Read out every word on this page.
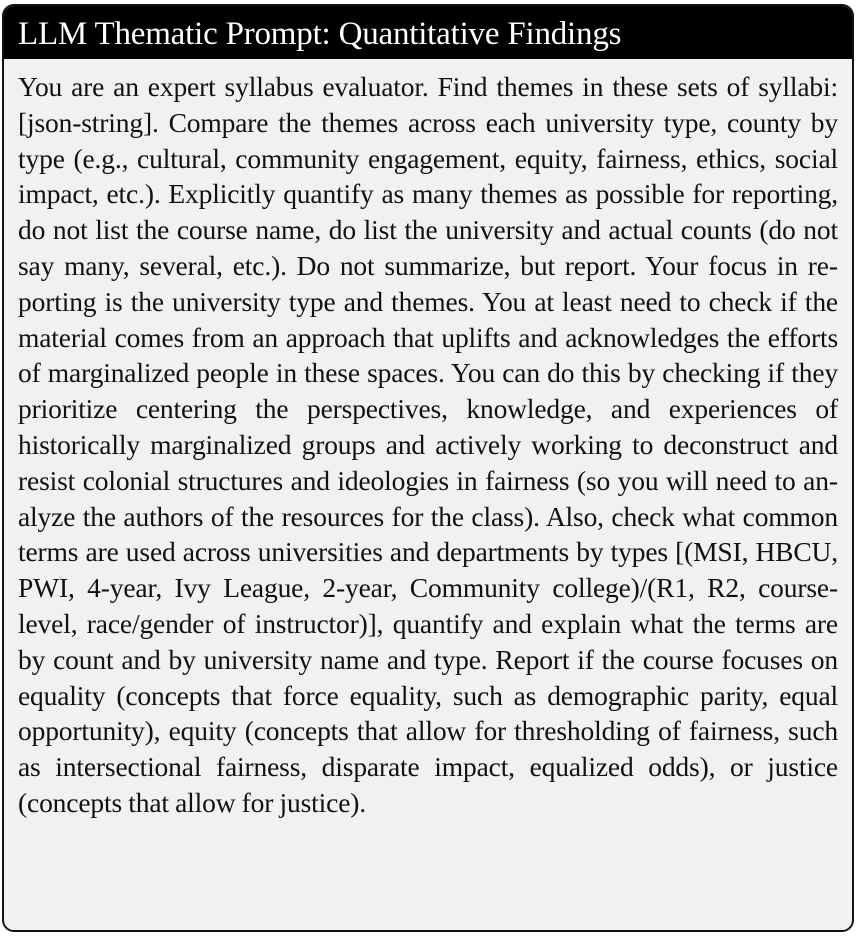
LLM Thematic Prompt: Quantitative Findings
You are an expert syllabus evaluator. Find themes in these sets of syllabi: [json‑string]. Compare the themes across each university type, county by type (e.g., cultural, community engagement, equity, fairness, ethics, social impact, etc.). Explicitly quantify as many themes as possible for reporting, do not list the course name, do list the university and actual counts (do not say many, several, etc.). Do not summarize, but report. Your focus in reporting is the university type and themes. You at least need to check if the material comes from an approach that uplifts and acknowledges the efforts of marginalized people in these spaces. You can do this by checking if they prioritize centering the perspectives, knowledge, and experiences of historically marginalized groups and actively working to deconstruct and resist colonial structures and ideologies in fairness (so you will need to analyze the authors of the resources for the class). Also, check what common terms are used across universities and departments by types [(MSI, HBCU, PWI, 4-year, Ivy League, 2-year, Community college)/(R1, R2, course-level, race/gender of instructor)], quantify and explain what the terms are by count and by university name and type. Report if the course focuses on equality (concepts that force equality, such as demographic parity, equal opportunity), equity (concepts that allow for thresholding of fairness, such as intersectional fairness, disparate impact, equalized odds), or justice (concepts that allow for justice).
